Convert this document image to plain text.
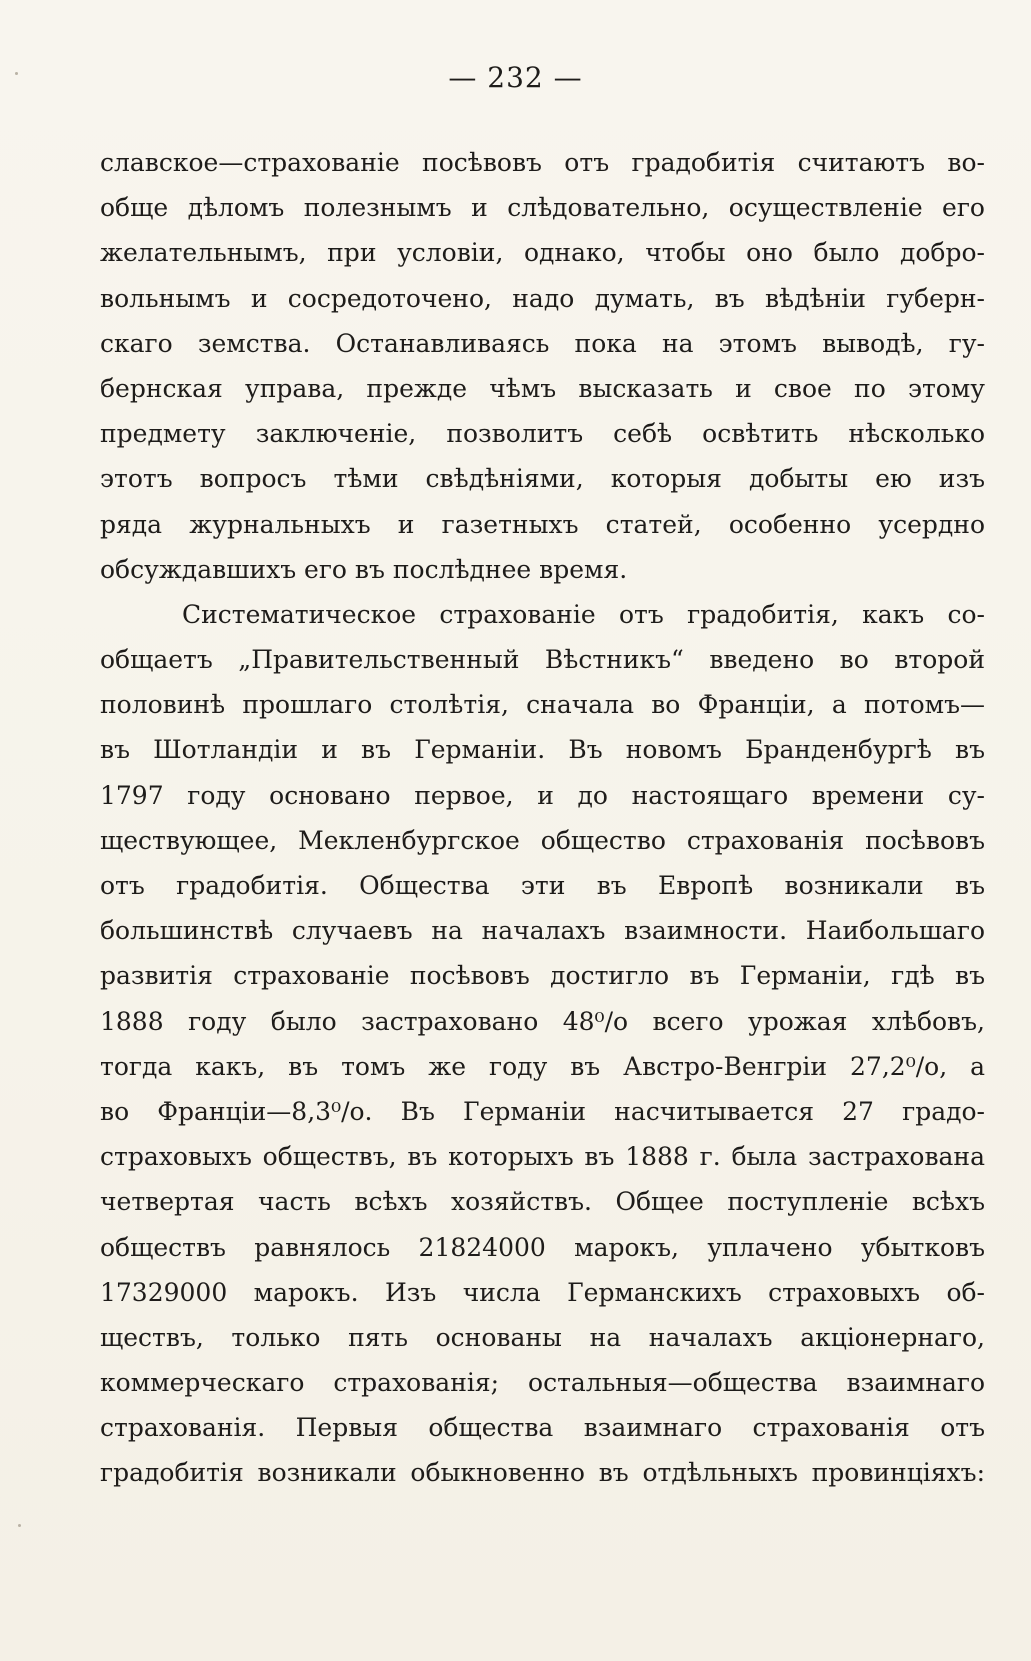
— 232 —
славское—страхованіе посѣвовъ отъ градобитія считаютъ во-
обще дѣломъ полезнымъ и слѣдовательно, осуществленіе его
желательнымъ, при условіи, однако, чтобы оно было добро-
вольнымъ и сосредоточено, надо думать, въ вѣдѣніи губерн-
скаго земства. Останавливаясь пока на этомъ выводѣ, гу-
бернская управа, прежде чѣмъ высказать и свое по этому
предмету заключеніе, позволитъ себѣ освѣтить нѣсколько
этотъ вопросъ тѣми свѣдѣніями, которыя добыты ею изъ
ряда журнальныхъ и газетныхъ статей, особенно усердно
обсуждавшихъ его въ послѣднее время.
Систематическое страхованіе отъ градобитія, какъ со-
общаетъ „Правительственный Вѣстникъ“ введено во второй
половинѣ прошлаго столѣтія, сначала во Франціи, а потомъ—
въ Шотландіи и въ Германіи. Въ новомъ Бранденбургѣ въ
1797 году основано первое, и до настоящаго времени су-
ществующее, Мекленбургское общество страхованія посѣвовъ
отъ градобитія. Общества эти въ Европѣ возникали въ
большинствѣ случаевъ на началахъ взаимности. Наибольшаго
развитія страхованіе посѣвовъ достигло въ Германіи, гдѣ въ
1888 году было застраховано 48⁰/о всего урожая хлѣбовъ,
тогда какъ, въ томъ же году въ Австро-Венгріи 27,2⁰/о, а
во Франціи—8,3⁰/о. Въ Германіи насчитывается 27 градо-
страховыхъ обществъ, въ которыхъ въ 1888 г. была застрахована
четвертая часть всѣхъ хозяйствъ. Общее поступленіе всѣхъ
обществъ равнялось 21824000 марокъ, уплачено убытковъ
17329000 марокъ. Изъ числа Германскихъ страховыхъ об-
ществъ, только пять основаны на началахъ акціонернаго,
коммерческаго страхованія; остальныя—общества взаимнаго
страхованія. Первыя общества взаимнаго страхованія отъ
градобитія возникали обыкновенно въ отдѣльныхъ провинціяхъ:
